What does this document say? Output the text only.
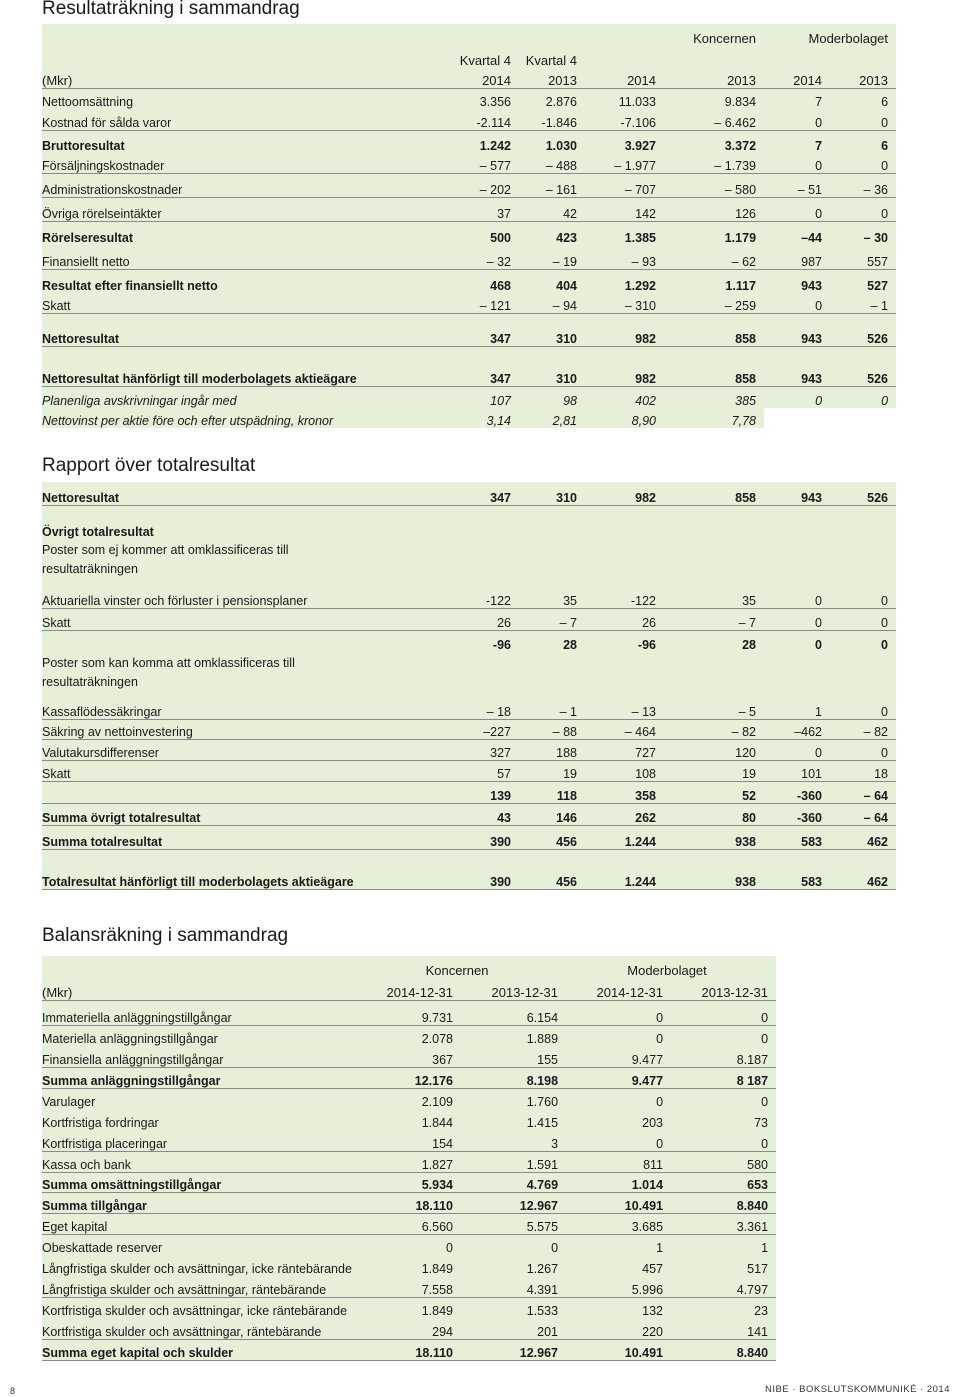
Resultaträkning i sammandrag
	Koncernen				Moderbolaget	
	Kvartal 4	Kvartal 4				
(Mkr)	2014	2013	2014	2013	2014	2013
Nettoomsättning	3.356	2.876	11.033	9.834	7	6
Kostnad för sålda varor	-2.114	-1.846	-7.106	– 6.462	0	0
Bruttoresultat	1.242	1.030	3.927	3.372	7	6
Försäljningskostnader	– 577	– 488	– 1.977	– 1.739	0	0
Administrationskostnader	– 202	– 161	– 707	– 580	– 51	– 36
Övriga rörelseintäkter	37	42	142	126	0	0
Rörelseresultat	500	423	1.385	1.179	–44	– 30
Finansiellt netto	– 32	– 19	– 93	– 62	987	557
Resultat efter finansiellt netto	468	404	1.292	1.117	943	527
Skatt	– 121	– 94	– 310	– 259	0	– 1
Nettoresultat	347	310	982	858	943	526
Nettoresultat hänförligt till moderbolagets aktieägare	347	310	982	858	943	526
Planenliga avskrivningar ingår med	107	98	402	385	0	0
Nettovinst per aktie före och efter utspädning, kronor	3,14	2,81	8,90	7,78		
Rapport över totalresultat
Nettoresultat	347	310	982	858	943	526
Övrigt totalresultat						
Poster som ej kommer att omklassificeras till resultaträkningen						
Aktuariella vinster och förluster i pensionsplaner	-122	35	-122	35	0	0
Skatt	26	– 7	26	– 7	0	0
	-96	28	-96	28	0	0
Poster som kan komma att omklassificeras till resultaträkningen						
Kassaflödessäkringar	– 18	– 1	– 13	– 5	1	0
Säkring av nettoinvestering	–227	– 88	– 464	– 82	–462	– 82
Valutakursdifferenser	327	188	727	120	0	0
Skatt	57	19	108	19	101	18
	139	118	358	52	-360	– 64
Summa övrigt totalresultat	43	146	262	80	-360	– 64
Summa totalresultat	390	456	1.244	938	583	462
Totalresultat hänförligt till moderbolagets aktieägare	390	456	1.244	938	583	462
Balansräkning i sammandrag
	Koncernen		Moderbolaget	
(Mkr)	2014-12-31	2013-12-31	2014-12-31	2013-12-31
Immateriella anläggningstillgångar	9.731	6.154	0	0
Materiella anläggningstillgångar	2.078	1.889	0	0
Finansiella anläggningstillgångar	367	155	9.477	8.187
Summa anläggningstillgångar	12.176	8.198	9.477	8 187
Varulager	2.109	1.760	0	0
Kortfristiga fordringar	1.844	1.415	203	73
Kortfristiga placeringar	154	3	0	0
Kassa och bank	1.827	1.591	811	580
Summa omsättningstillgångar	5.934	4.769	1.014	653
Summa tillgångar	18.110	12.967	10.491	8.840
Eget kapital	6.560	5.575	3.685	3.361
Obeskattade reserver	0	0	1	1
Långfristiga skulder och avsättningar, icke räntebärande	1.849	1.267	457	517
Långfristiga skulder och avsättningar, räntebärande	7.558	4.391	5.996	4.797
Kortfristiga skulder och avsättningar, icke räntebärande	1.849	1.533	132	23
Kortfristiga skulder och avsättningar, räntebärande	294	201	220	141
Summa eget kapital och skulder	18.110	12.967	10.491	8.840
8	NIBE · BOKSLUTSKOMMUNIKÉ · 2014
